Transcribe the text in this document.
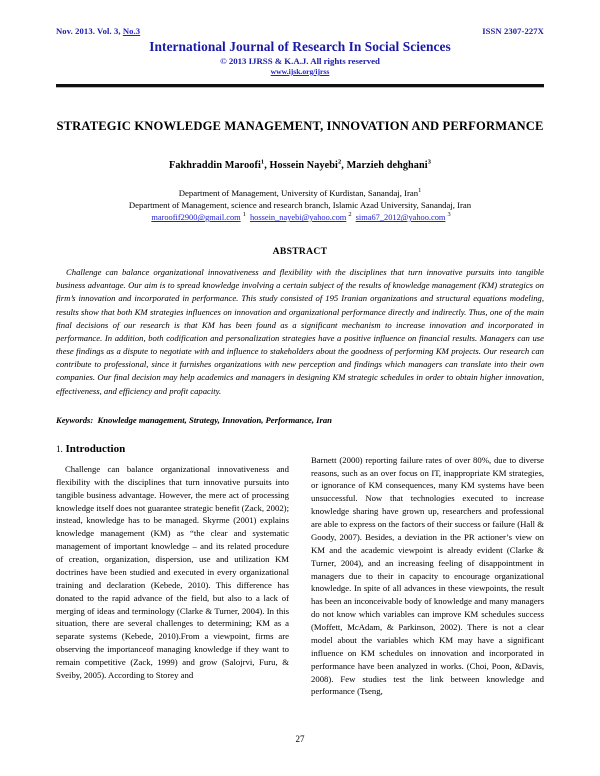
Nov. 2013. Vol. 3, No.3	ISSN 2307-227X
International Journal of Research In Social Sciences
© 2013 IJRSS & K.A.J. All rights reserved
www.ijsk.org/ijrss
STRATEGIC KNOWLEDGE MANAGEMENT, INNOVATION AND PERFORMANCE
Fakhraddin Maroofi$^1$, Hossein Nayebi$^2$, Marzieh dehghani$^3$
Department of Management, University of Kurdistan, Sanandaj, Iran$^1$
Department of Management, science and research branch, Islamic Azad University, Sanandaj, Iran
maroofif2900@gmail.com $^1$ hossein_nayebi@yahoo.com $^2$ sima67_2012@yahoo.com $^3$
ABSTRACT
Challenge can balance organizational innovativeness and flexibility with the disciplines that turn innovative pursuits into tangible business advantage. Our aim is to spread knowledge involving a certain subject of the results of knowledge management (KM) strategics on firm’s innovation and incorporated in performance. This study consisted of 195 Iranian organizations and structural equations modeling, results show that both KM strategies influences on innovation and organizational performance directly and indirectly. Thus, one of the main final decisions of our research is that KM has been found as a significant mechanism to increase innovation and incorporated in performance. In addition, both codification and personalization strategies have a positive influence on financial results. Managers can use these findings as a dispute to negotiate with and influence to stakeholders about the goodness of performing KM projects. Our research can contribute to professional, since it furnishes organizations with new perception and findings which managers can translate into their own companies. Our final decision may help academics and managers in designing KM strategic schedules in order to obtain higher innovation, effectiveness, and efficiency and profit capacity.
Keywords: Knowledge management, Strategy, Innovation, Performance, Iran
1. Introduction

Challenge can balance organizational innovativeness and flexibility with the disciplines that turn innovative pursuits into tangible business advantage. However, the mere act of processing knowledge itself does not guarantee strategic benefit (Zack, 2002); instead, knowledge has to be managed. Skyrme (2001) explains knowledge management (KM) as “the clear and systematic management of important knowledge – and its related procedure of creation, organization, dispersion, use and utilization KM doctrines have been studied and executed in every organizational training and declaration (Kebede, 2010). This difference has donated to the rapid advance of the field, but also to a lack of merging of ideas and terminology (Clarke & Turner, 2004). In this situation, there are several challenges to determining; KM as a separate systems (Kebede, 2010).From a viewpoint, firms are observing the importanceof managing knowledge if they want to remain competitive (Zack, 1999) and grow (Salojrvi, Furu, & Sveiby, 2005). According to Storey and

Barnett (2000) reporting failure rates of over 80%, due to diverse reasons, such as an over focus on IT, inappropriate KM strategies, or ignorance of KM consequences, many KM systems have been unsuccessful. Now that technologies executed to increase knowledge sharing have grown up, researchers and professional are able to express on the factors of their success or failure (Hall & Goody, 2007). Besides, a deviation in the PR actioner’s view on KM and the academic viewpoint is already evident (Clarke & Turner, 2004), and an increasing feeling of disappointment in managers due to their in capacity to encourage organizational knowledge. In spite of all advances in these viewpoints, the result has been an inconceivable body of knowledge and many managers do not know which variables can improve KM schedules success (Moffett, McAdam, & Parkinson, 2002). There is not a clear model about the variables which KM may have a significant influence on KM schedules on innovation and incorporated in performance have been analyzed in works. (Choi, Poon, &Davis, 2008). Few studies test the link between knowledge and performance (Tseng,

27
